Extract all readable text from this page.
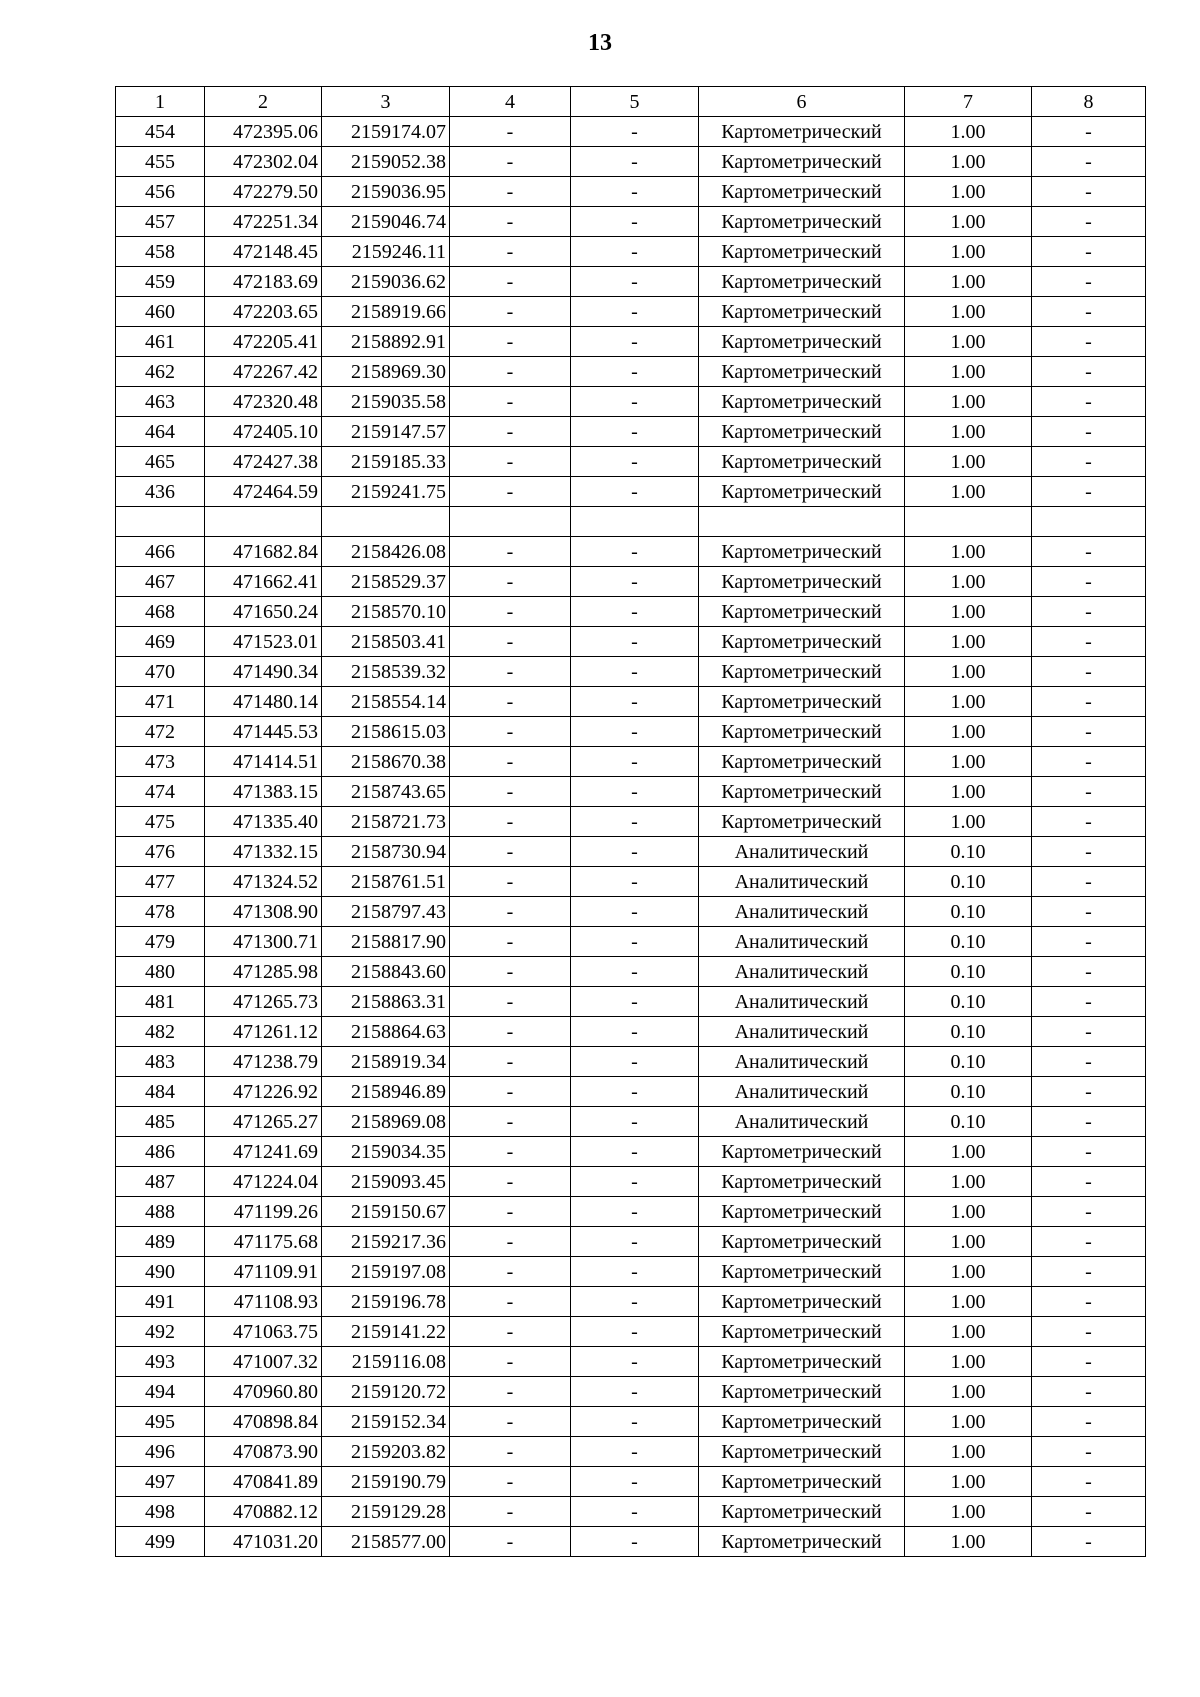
13
1	2	3	4	5	6	7	8
454	472395.06	2159174.07	-	-	Картометрический	1.00	-
455	472302.04	2159052.38	-	-	Картометрический	1.00	-
456	472279.50	2159036.95	-	-	Картометрический	1.00	-
457	472251.34	2159046.74	-	-	Картометрический	1.00	-
458	472148.45	2159246.11	-	-	Картометрический	1.00	-
459	472183.69	2159036.62	-	-	Картометрический	1.00	-
460	472203.65	2158919.66	-	-	Картометрический	1.00	-
461	472205.41	2158892.91	-	-	Картометрический	1.00	-
462	472267.42	2158969.30	-	-	Картометрический	1.00	-
463	472320.48	2159035.58	-	-	Картометрический	1.00	-
464	472405.10	2159147.57	-	-	Картометрический	1.00	-
465	472427.38	2159185.33	-	-	Картометрический	1.00	-
436	472464.59	2159241.75	-	-	Картометрический	1.00	-

466	471682.84	2158426.08	-	-	Картометрический	1.00	-
467	471662.41	2158529.37	-	-	Картометрический	1.00	-
468	471650.24	2158570.10	-	-	Картометрический	1.00	-
469	471523.01	2158503.41	-	-	Картометрический	1.00	-
470	471490.34	2158539.32	-	-	Картометрический	1.00	-
471	471480.14	2158554.14	-	-	Картометрический	1.00	-
472	471445.53	2158615.03	-	-	Картометрический	1.00	-
473	471414.51	2158670.38	-	-	Картометрический	1.00	-
474	471383.15	2158743.65	-	-	Картометрический	1.00	-
475	471335.40	2158721.73	-	-	Картометрический	1.00	-
476	471332.15	2158730.94	-	-	Аналитический	0.10	-
477	471324.52	2158761.51	-	-	Аналитический	0.10	-
478	471308.90	2158797.43	-	-	Аналитический	0.10	-
479	471300.71	2158817.90	-	-	Аналитический	0.10	-
480	471285.98	2158843.60	-	-	Аналитический	0.10	-
481	471265.73	2158863.31	-	-	Аналитический	0.10	-
482	471261.12	2158864.63	-	-	Аналитический	0.10	-
483	471238.79	2158919.34	-	-	Аналитический	0.10	-
484	471226.92	2158946.89	-	-	Аналитический	0.10	-
485	471265.27	2158969.08	-	-	Аналитический	0.10	-
486	471241.69	2159034.35	-	-	Картометрический	1.00	-
487	471224.04	2159093.45	-	-	Картометрический	1.00	-
488	471199.26	2159150.67	-	-	Картометрический	1.00	-
489	471175.68	2159217.36	-	-	Картометрический	1.00	-
490	471109.91	2159197.08	-	-	Картометрический	1.00	-
491	471108.93	2159196.78	-	-	Картометрический	1.00	-
492	471063.75	2159141.22	-	-	Картометрический	1.00	-
493	471007.32	2159116.08	-	-	Картометрический	1.00	-
494	470960.80	2159120.72	-	-	Картометрический	1.00	-
495	470898.84	2159152.34	-	-	Картометрический	1.00	-
496	470873.90	2159203.82	-	-	Картометрический	1.00	-
497	470841.89	2159190.79	-	-	Картометрический	1.00	-
498	470882.12	2159129.28	-	-	Картометрический	1.00	-
499	471031.20	2158577.00	-	-	Картометрический	1.00	-
